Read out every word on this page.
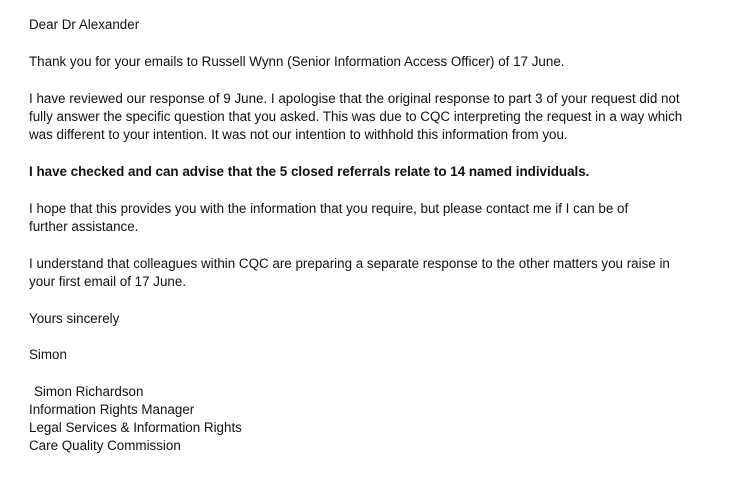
Dear Dr Alexander
Thank you for your emails to Russell Wynn (Senior Information Access Officer) of 17 June.
I have reviewed our response of 9 June. I apologise that the original response to part 3 of your request did not
fully answer the specific question that you asked. This was due to CQC interpreting the request in a way which
was different to your intention. It was not our intention to withhold this information from you.
I have checked and can advise that the 5 closed referrals relate to 14 named individuals.
I hope that this provides you with the information that you require, but please contact me if I can be of
further assistance.
I understand that colleagues within CQC are preparing a separate response to the other matters you raise in
your first email of 17 June.
Yours sincerely
Simon
Simon Richardson
Information Rights Manager
Legal Services & Information Rights
Care Quality Commission
